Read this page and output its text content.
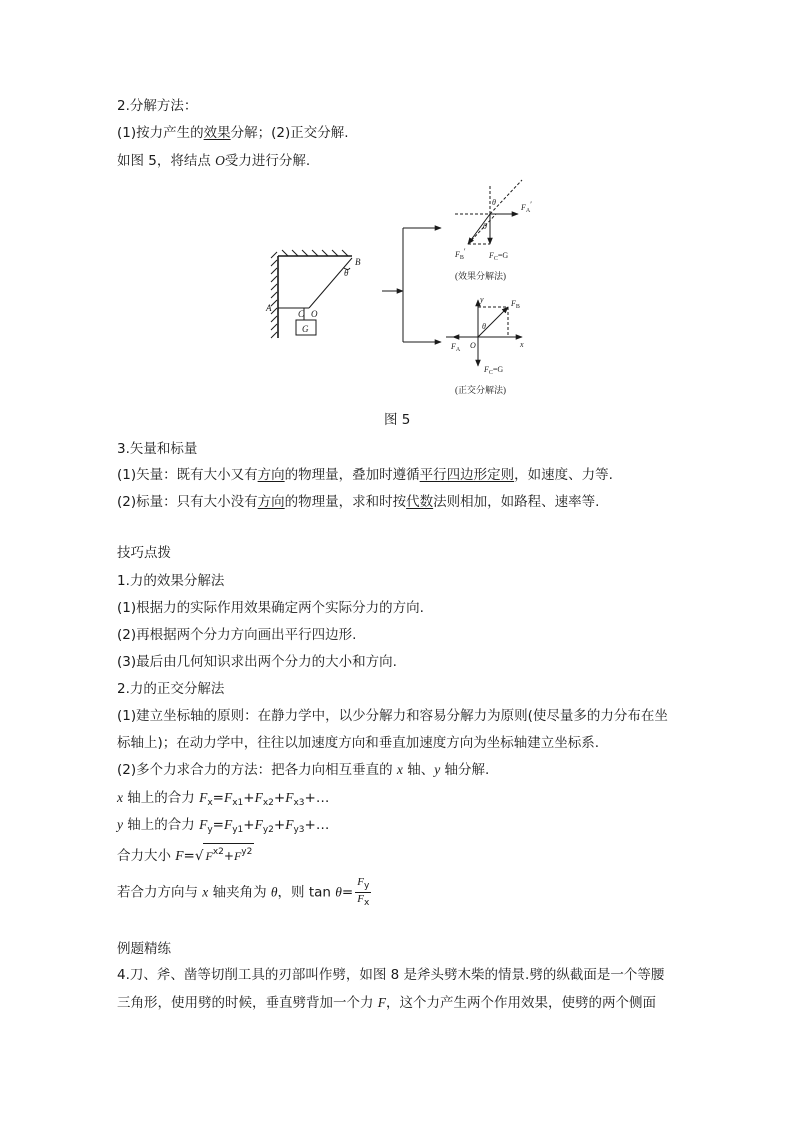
2.分解方法：
(1)按力产生的效果分解；(2)正交分解.
如图 5，将结点 O受力进行分解.
A
B
C O
G
θ
θ
θ
$F_A'$
$F_B'$	$F_C=G$
(效果分解法)
y
x
O
θ
$F_B$
$F_A$
$F_C=G$
(正交分解法)
图 5
3.矢量和标量
(1)矢量：既有大小又有方向的物理量，叠加时遵循平行四边形定则，如速度、力等.
(2)标量：只有大小没有方向的物理量，求和时按代数法则相加，如路程、速率等.
技巧点拨
1.力的效果分解法
(1)根据力的实际作用效果确定两个实际分力的方向.
(2)再根据两个分力方向画出平行四边形.
(3)最后由几何知识求出两个分力的大小和方向.
2.力的正交分解法
(1)建立坐标轴的原则：在静力学中，以少分解力和容易分解力为原则(使尽量多的力分布在坐
标轴上)；在动力学中，往往以加速度方向和垂直加速度方向为坐标轴建立坐标系.
(2)多个力求合力的方法：把各力向相互垂直的 x 轴、y 轴分解.
x 轴上的合力 $F_x=F_{x1}+F_{x2}+F_{x3}+\dots$
y 轴上的合力 $F_y=F_{y1}+F_{y2}+F_{y3}+\dots$
合力大小 F=√ $F^{x2}+F^{y2}$
若合力方向与 x 轴夹角为 θ，则 $\tan \theta= \frac{F_y}{F_x}$
例题精练
4.刀、斧、凿等切削工具的刃部叫作劈，如图 8 是斧头劈木柴的情景.劈的纵截面是一个等腰
三角形，使用劈的时候，垂直劈背加一个力 F，这个力产生两个作用效果，使劈的两个侧面
